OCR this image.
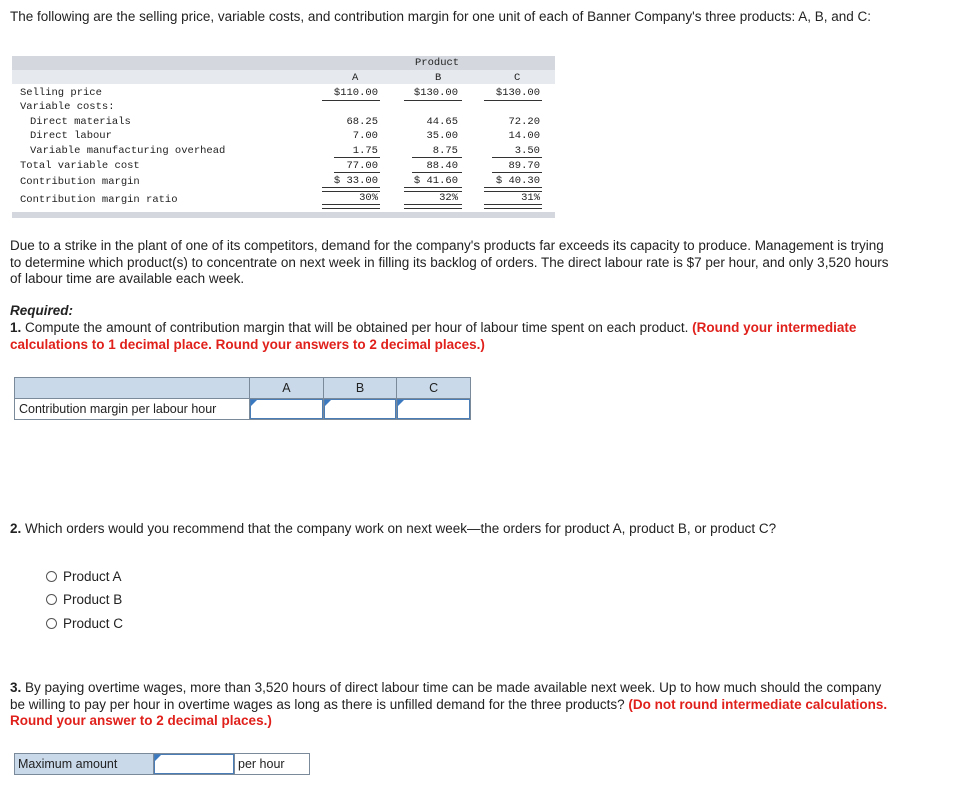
The following are the selling price, variable costs, and contribution margin for one unit of each of Banner Company's three products: A, B, and C:
Product
A	B	C
Selling price	$110.00	$130.00	$130.00
Variable costs:
Direct materials	68.25	44.65	72.20
Direct labour	7.00	35.00	14.00
Variable manufacturing overhead	1.75	8.75	3.50
Total variable cost	77.00	88.40	89.70
Contribution margin	$ 33.00	$ 41.60	$ 40.30
Contribution margin ratio	30%	32%	31%
Due to a strike in the plant of one of its competitors, demand for the company's products far exceeds its capacity to produce. Management is trying to determine which product(s) to concentrate on next week in filling its backlog of orders. The direct labour rate is $7 per hour, and only 3,520 hours of labour time are available each week.
Required:
1. Compute the amount of contribution margin that will be obtained per hour of labour time spent on each product. (Round your intermediate calculations to 1 decimal place. Round your answers to 2 decimal places.)
	A	B	C
Contribution margin per labour hour	

2. Which orders would you recommend that the company work on next week—the orders for product A, product B, or product C?
Product A
Product B
Product C
3. By paying overtime wages, more than 3,520 hours of direct labour time can be made available next week. Up to how much should the company be willing to pay per hour in overtime wages as long as there is unfilled demand for the three products? (Do not round intermediate calculations. Round your answer to 2 decimal places.)
Maximum amount	per hour
